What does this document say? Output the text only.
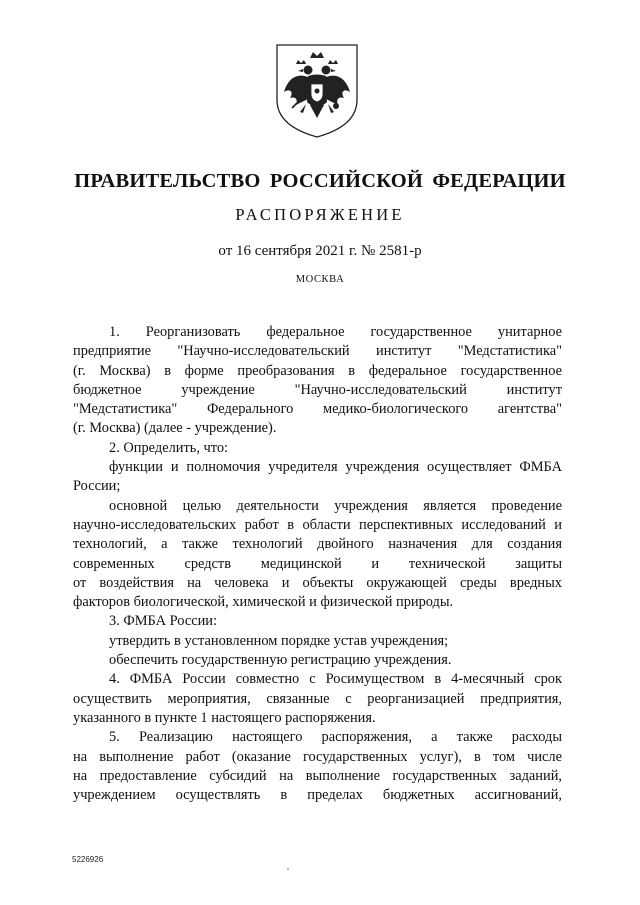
ПРАВИТЕЛЬСТВО РОССИЙСКОЙ ФЕДЕРАЦИИ
РАСПОРЯЖЕНИЕ
от 16 сентября 2021 г. № 2581-р
МОСКВА

1. Реорганизовать федеральное государственное унитарное

предприятие "Научно-исследовательский институт "Медстатистика"

(г. Москва) в форме преобразования в федеральное государственное

бюджетное учреждение "Научно-исследовательский институт

"Медстатистика" Федерального медико-биологического агентства"

(г. Москва) (далее - учреждение).

2. Определить, что:

функции и полномочия учредителя учреждения осуществляет ФМБА

России;

основной целью деятельности учреждения является проведение

научно-исследовательских работ в области перспективных исследований и

технологий, а также технологий двойного назначения для создания

современных средств медицинской и технической защиты

от воздействия на человека и объекты окружающей среды вредных

факторов биологической, химической и физической природы.

3. ФМБА России:

утвердить в установленном порядке устав учреждения;

обеспечить государственную регистрацию учреждения.

4. ФМБА России совместно с Росимуществом в 4-месячный срок

осуществить мероприятия, связанные с реорганизацией предприятия,

указанного в пункте 1 настоящего распоряжения.

5. Реализацию настоящего распоряжения, а также расходы

на выполнение работ (оказание государственных услуг), в том числе

на предоставление субсидий на выполнение государственных заданий,

учреждением осуществлять в пределах бюджетных ассигнований,

5226926
